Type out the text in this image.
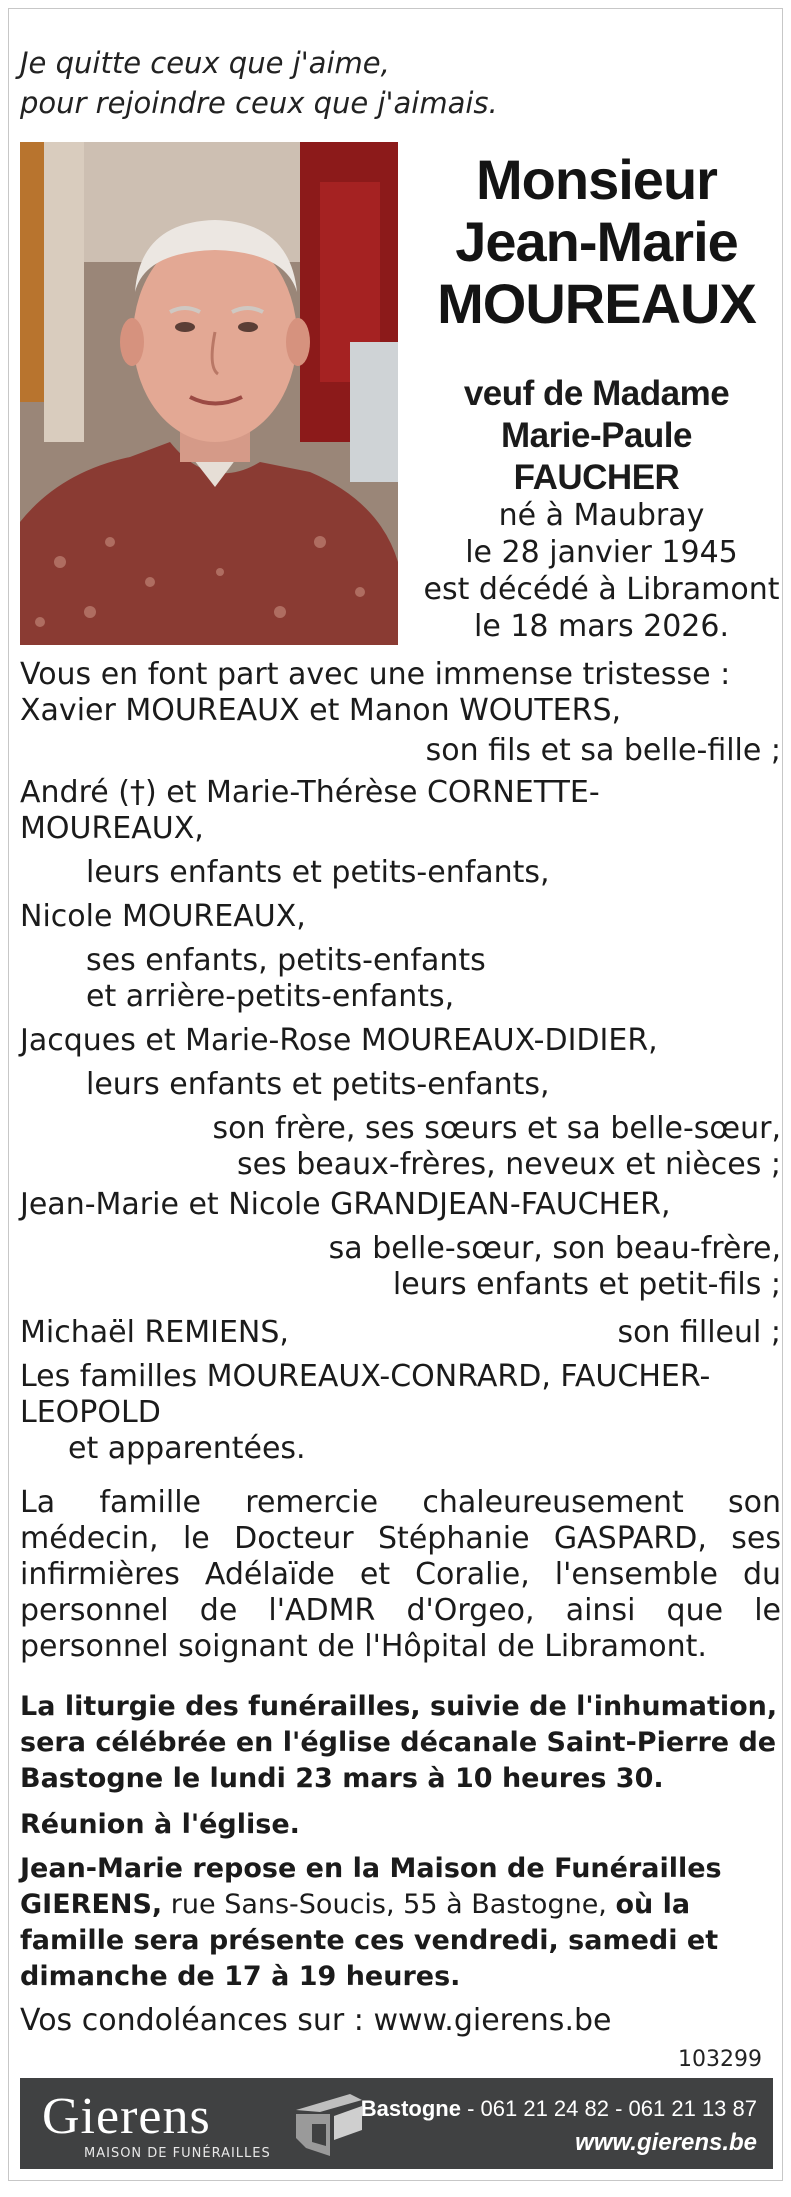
Je quitte ceux que j'aime,
pour rejoindre ceux que j'aimais.
Monsieur
Jean-Marie
MOUREAUX
veuf de Madame
Marie-Paule FAUCHER
né à Maubray
le 28 janvier 1945
est décédé à Libramont
le 18 mars 2026.
Vous en font part avec une immense tristesse :
Xavier MOUREAUX et Manon WOUTERS,
son fils et sa belle-fille ;
André (†) et Marie-Thérèse CORNETTE-MOUREAUX,
leurs enfants et petits-enfants,
Nicole MOUREAUX,
ses enfants, petits-enfants
et arrière-petits-enfants,
Jacques et Marie-Rose MOUREAUX-DIDIER,
leurs enfants et petits-enfants,
son frère, ses sœurs et sa belle-sœur,
ses beaux-frères, neveux et nièces ;
Jean-Marie et Nicole GRANDJEAN-FAUCHER,
sa belle-sœur, son beau-frère,
leurs enfants et petit-fils ;
Michaël REMIENS,	son filleul ;
Les familles MOUREAUX-CONRARD, FAUCHER-LEOPOLD
et apparentées.
La famille remercie chaleureusement son médecin, le Docteur Stéphanie GASPARD, ses infirmières Adélaïde et Coralie, l'ensemble du personnel de l'ADMR d'Orgeo, ainsi que le personnel soignant de l'Hôpital de Libramont.
La liturgie des funérailles, suivie de l'inhumation, sera célébrée en l'église décanale Saint-Pierre de Bastogne le lundi 23 mars à 10 heures 30.
Réunion à l'église.
Jean-Marie repose en la Maison de Funérailles GIERENS, rue Sans-Soucis, 55 à Bastogne, où la famille sera présente ces vendredi, samedi et dimanche de 17 à 19 heures.
Vos condoléances sur : www.gierens.be
103299
Gierens
MAISON DE FUNÉRAILLES
Bastogne - 061 21 24 82 - 061 21 13 87
www.gierens.be
